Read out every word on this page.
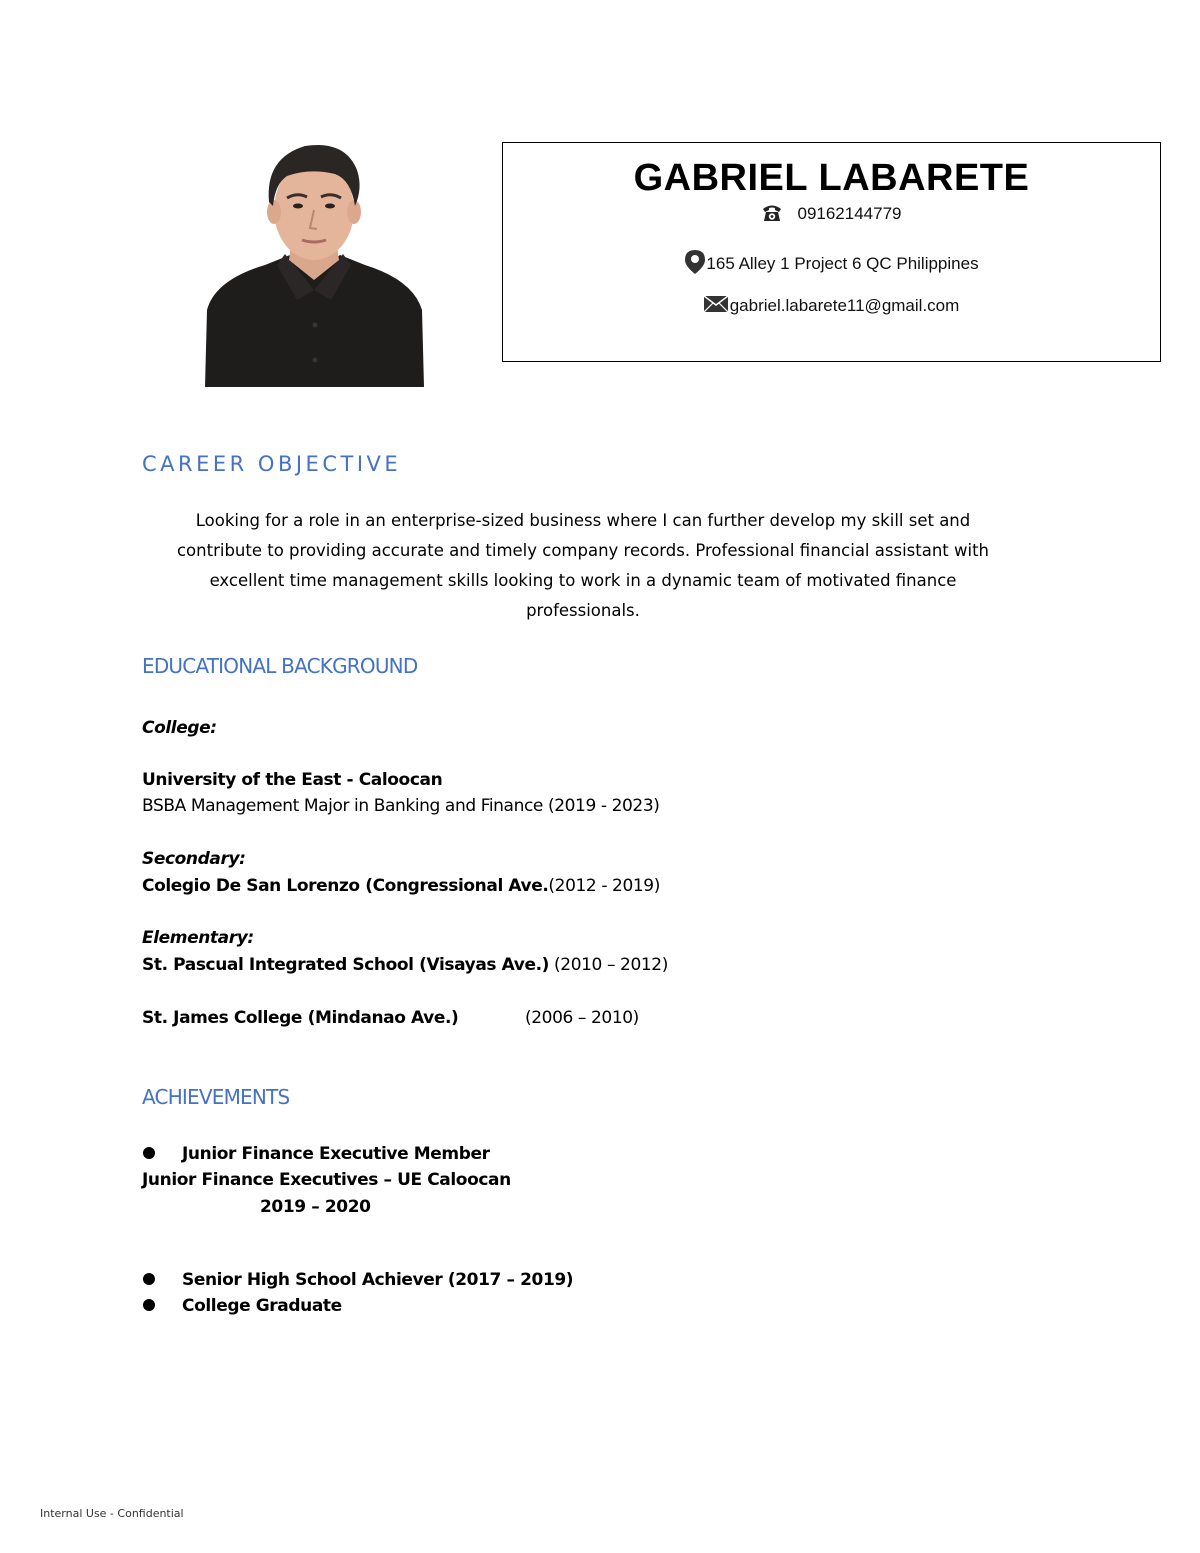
GABRIEL LABARETE
09162144779
165 Alley 1 Project 6 QC Philippines
gabriel.labarete11@gmail.com
CAREER OBJECTIVE
Looking for a role in an enterprise-sized business where I can further develop my skill set and
contribute to providing accurate and timely company records. Professional financial assistant with
excellent time management skills looking to work in a dynamic team of motivated finance
professionals.
EDUCATIONAL BACKGROUND
College:
University of the East - Caloocan
BSBA Management Major in Banking and Finance (2019 - 2023)
Secondary:
Colegio De San Lorenzo (Congressional Ave.(2012 - 2019)
Elementary:
St. Pascual Integrated School (Visayas Ave.) (2010 – 2012)
St. James College (Mindanao Ave.)	(2006 – 2010)
ACHIEVEMENTS
Junior Finance Executive Member
Junior Finance Executives – UE Caloocan
2019 – 2020
Senior High School Achiever (2017 – 2019)
College Graduate
Internal Use - Confidential
